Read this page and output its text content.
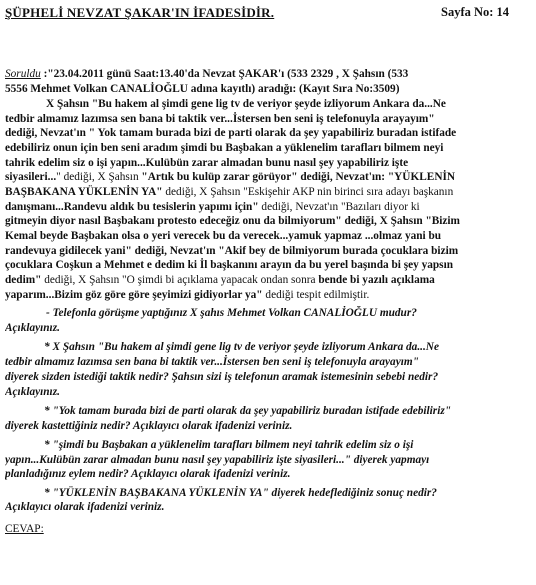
ŞÜPHELİ NEVZAT ŞAKAR'IN İFADESİDİR.	Sayfa No: 14
Soruldu :"23.04.2011 günü Saat:13.40'da Nevzat ŞAKAR'ı (533 2329 , X Şahsın (533
5556 Mehmet Volkan CANALİOĞLU adına kayıtlı) aradığı: (Kayıt Sıra No:3509)
X Şahsın "Bu hakem al şimdi gene lig tv de veriyor şeyde izliyorum Ankara da...Ne
tedbir almamız lazımsa sen bana bi taktik ver...İstersen ben seni iş telefonuyla arayayım"
dediği, Nevzat'ın " Yok tamam burada bizi de parti olarak da şey yapabiliriz buradan istifade
edebiliriz onun için ben seni aradım şimdi bu Başbakan a yüklenelim tarafları bilmem neyi
tahrik edelim siz o işi yapın...Kulübün zarar almadan bunu nasıl şey yapabiliriz işte
siyasileri..." dediği, X Şahsın "Artık bu kulüp zarar görüyor" dediği, Nevzat'ın: "YÜKLENİN
BAŞBAKANA YÜKLENİN YA" dediği, X Şahsın "Eskişehir AKP nin birinci sıra adayı başkanın
danışmanı...Randevu aldık bu tesislerin yapımı için" dediği, Nevzat'ın "Bazıları diyor ki
gitmeyin diyor nasıl Başbakanı protesto edeceğiz onu da bilmiyorum" dediği, X Şahsın "Bizim
Kemal beyde Başbakan olsa o yeri verecek bu da verecek...yamuk yapmaz ...olmaz yani bu
randevuya gidilecek yani" dediği, Nevzat'ın "Akif bey de bilmiyorum burada çocuklara bizim
çocuklara Coşkun a Mehmet e dedim ki İl başkanını arayın da bu yerel başında bi şey yapsın
dedim" dediği, X Şahsın "O şimdi bi açıklama yapacak ondan sonra bende bi yazılı açıklama
yaparım...Bizim göz göre göre şeyimizi gidiyorlar ya" dediği tespit edilmiştir.
- Telefonla görüşme yaptığınız X şahıs Mehmet Volkan CANALİOĞLU mudur?
Açıklayınız.
* X Şahsın "Bu hakem al şimdi gene lig tv de veriyor şeyde izliyorum Ankara da...Ne
tedbir almamız lazımsa sen bana bi taktik ver...İstersen ben seni iş telefonuyla arayayım"
diyerek sizden istediği taktik nedir? Şahsın sizi iş telefonun aramak istemesinin sebebi nedir?
Açıklayınız.
* "Yok tamam burada bizi de parti olarak da şey yapabiliriz buradan istifade edebiliriz"
diyerek kastettiğiniz nedir? Açıklayıcı olarak ifadenizi veriniz.
* "şimdi bu Başbakan a yüklenelim tarafları bilmem neyi tahrik edelim siz o işi
yapın...Kulübün zarar almadan bunu nasıl şey yapabiliriz işte siyasileri..." diyerek yapmayı
planladığınız eylem nedir? Açıklayıcı olarak ifadenizi veriniz.
* "YÜKLENİN BAŞBAKANA YÜKLENİN YA" diyerek hedeflediğiniz sonuç nedir?
Açıklayıcı olarak ifadenizi veriniz.
CEVAP:
